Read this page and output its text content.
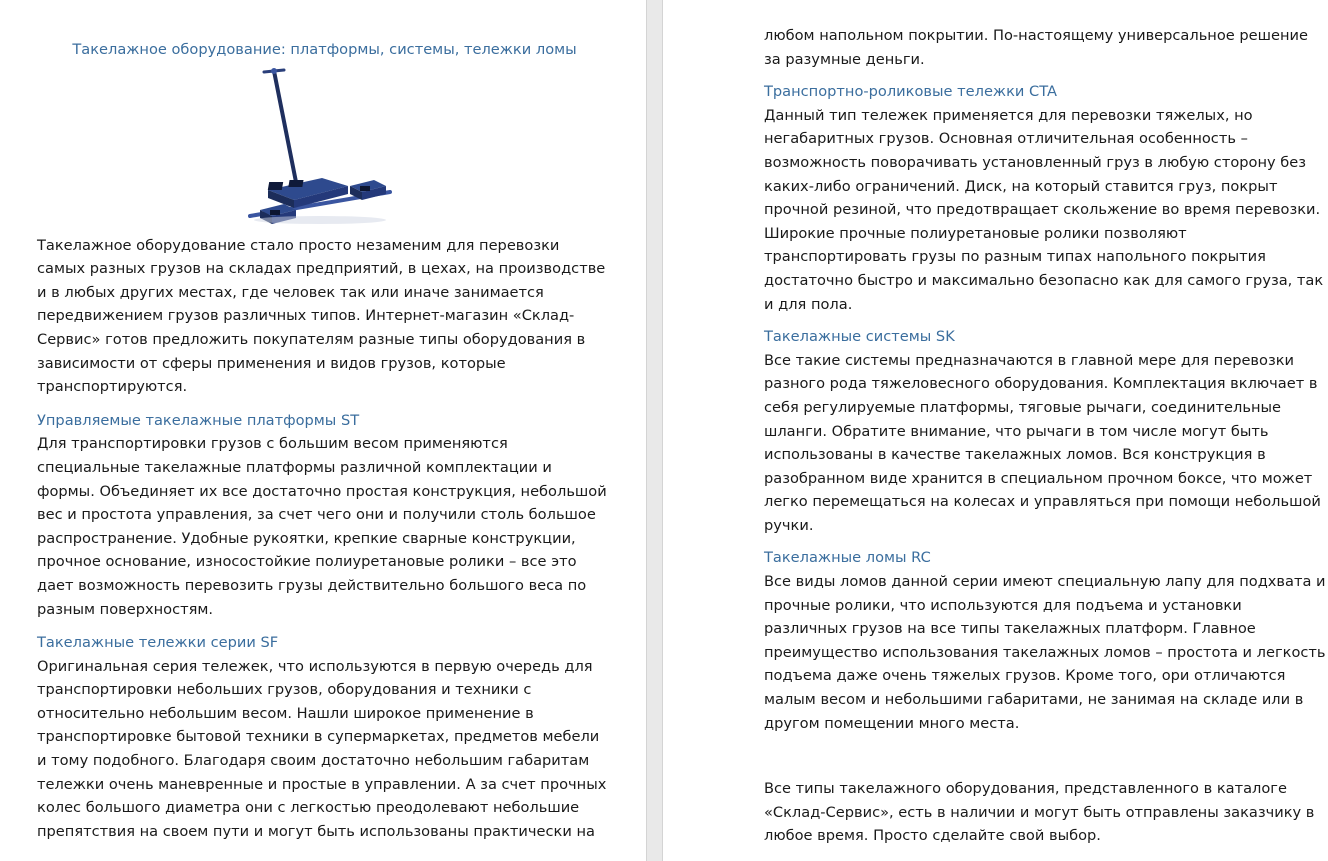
Такелажное оборудование: платформы, системы, тележки ломы

Такелажное оборудование стало просто незаменим для перевозки самых разных грузов на складах предприятий, в цехах, на производстве и в любых других местах, где человек так или иначе занимается передвижением грузов различных типов. Интернет-магазин «Склад-Сервис» готов предложить покупателям разные типы оборудования в зависимости от сферы применения и видов грузов, которые транспортируются.

Управляемые такелажные платформы ST

Для транспортировки грузов с большим весом применяются специальные такелажные платформы различной комплектации и формы. Объединяет их все достаточно простая конструкция, небольшой вес и простота управления, за счет чего они и получили столь большое распространение. Удобные рукоятки, крепкие сварные конструкции, прочное основание, износостойкие полиуретановые ролики – все это дает возможность перевозить грузы действительно большого веса по разным поверхностям.

Такелажные тележки серии SF

Оригинальная серия тележек, что используются в первую очередь для транспортировки небольших грузов, оборудования и техники с относительно небольшим весом. Нашли широкое применение в транспортировке бытовой техники в супермаркетах, предметов мебели и тому подобного. Благодаря своим достаточно небольшим габаритам тележки очень маневренные и простые в управлении. А за счет прочных колес большого диаметра они с легкостью преодолевают небольшие препятствия на своем пути и могут быть использованы практически на

любом напольном покрытии. По-настоящему универсальное решение за разумные деньги.

Транспортно-роликовые тележки CTA

Данный тип тележек применяется для перевозки тяжелых, но негабаритных грузов. Основная отличительная особенность – возможность поворачивать установленный груз в любую сторону без каких-либо ограничений. Диск, на который ставится груз, покрыт прочной резиной, что предотвращает скольжение во время перевозки. Широкие прочные полиуретановые ролики позволяют транспортировать грузы по разным типах напольного покрытия достаточно быстро и максимально безопасно как для самого груза, так и для пола.

Такелажные системы SK

Все такие системы предназначаются в главной мере для перевозки разного рода тяжеловесного оборудования. Комплектация включает в себя регулируемые платформы, тяговые рычаги, соединительные шланги. Обратите внимание, что рычаги в том числе могут быть использованы в качестве такелажных ломов. Вся конструкция в разобранном виде хранится в специальном прочном боксе, что может легко перемещаться на колесах и управляться при помощи небольшой ручки.

Такелажные ломы RC

Все виды ломов данной серии имеют специальную лапу для подхвата и прочные ролики, что используются для подъема и установки различных грузов на все типы такелажных платформ. Главное преимущество использования такелажных ломов – простота и легкость подъема даже очень тяжелых грузов. Кроме того, ори отличаются малым весом и небольшими габаритами, не занимая на складе или в другом помещении много места.

Все типы такелажного оборудования, представленного в каталоге «Склад-Сервис», есть в наличии и могут быть отправлены заказчику в любое время. Просто сделайте свой выбор.
